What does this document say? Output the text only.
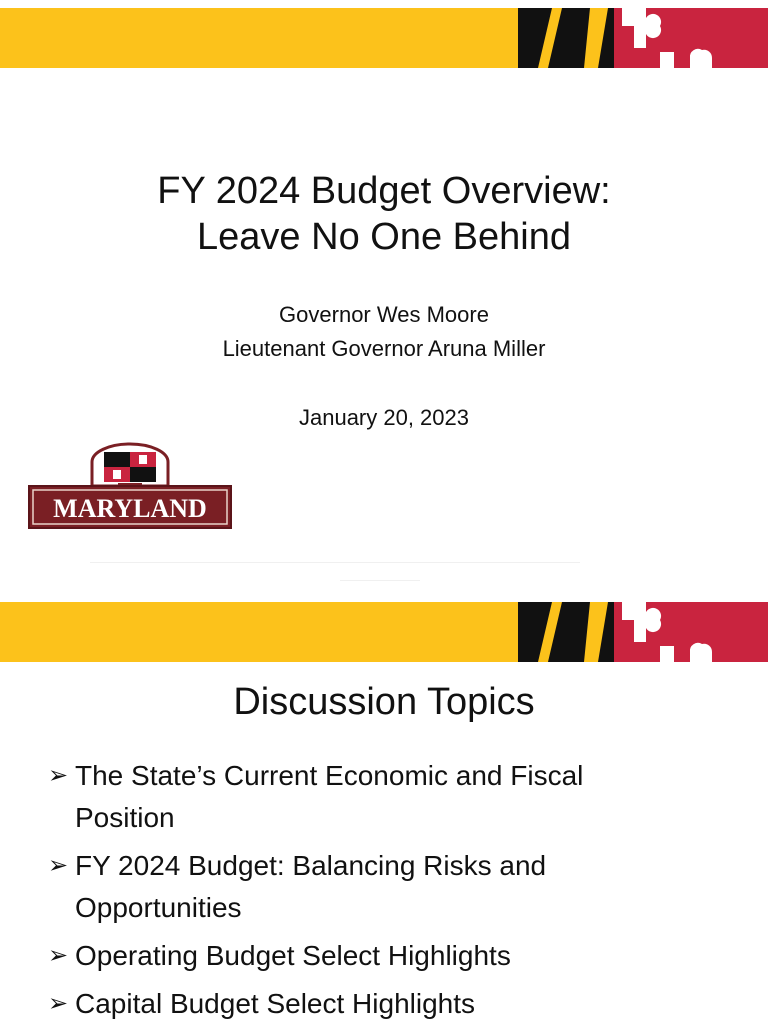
FY 2024 Budget Overview:
Leave No One Behind
Governor Wes Moore
Lieutenant Governor Aruna Miller
January 20, 2023
MARYLAND
Discussion Topics
➢ The State’s Current Economic and Fiscal
Position
➢ FY 2024 Budget: Balancing Risks and
Opportunities
➢ Operating Budget Select Highlights
➢ Capital Budget Select Highlights
